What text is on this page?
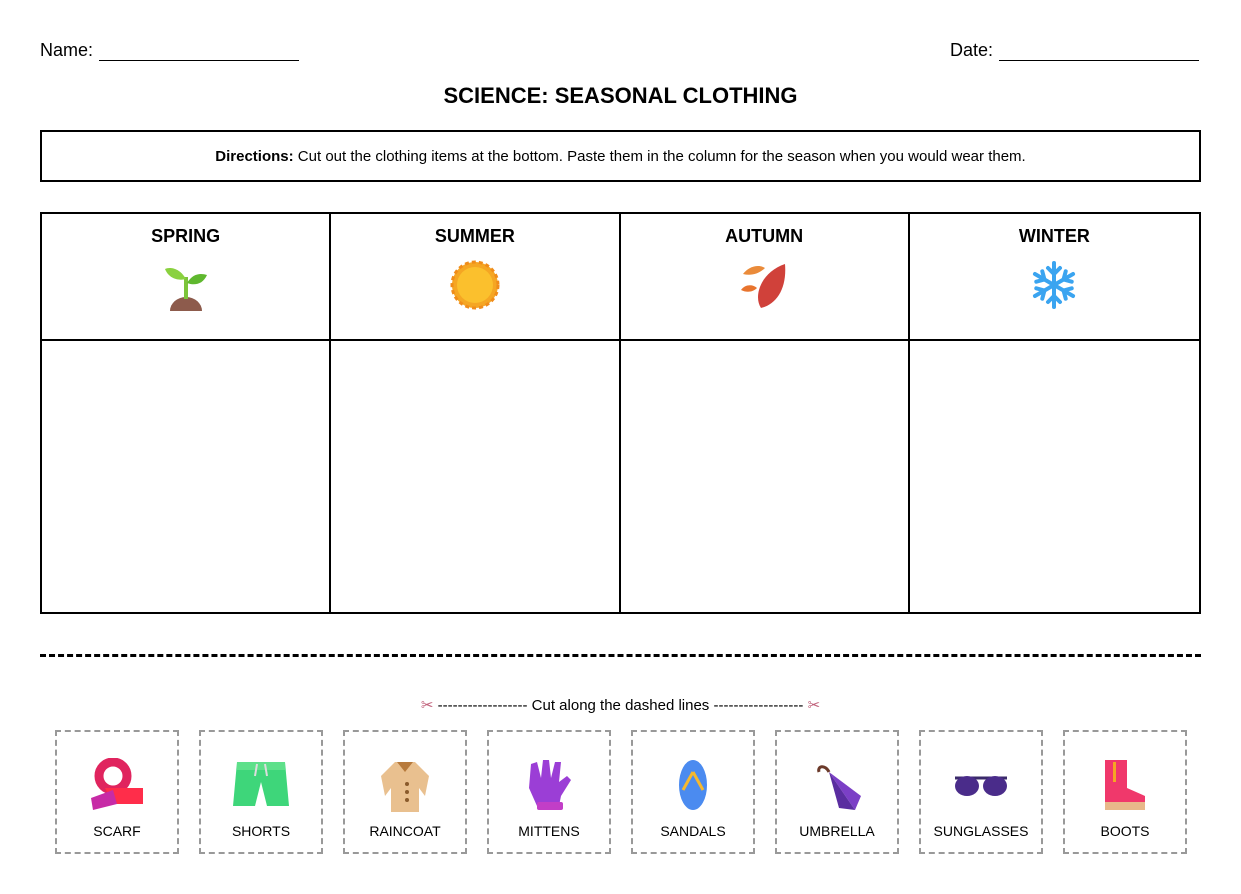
Name:	Date:
SCIENCE: SEASONAL CLOTHING
Directions: Cut out the clothing items at the bottom. Paste them in the column for the season when you would wear them.
SPRING	SUMMER	AUTUMN	WINTER
✂ ------------------ Cut along the dashed lines ------------------ ✂
SCARF	SHORTS	RAINCOAT	MITTENS	SANDALS	UMBRELLA	SUNGLASSES	BOOTS
